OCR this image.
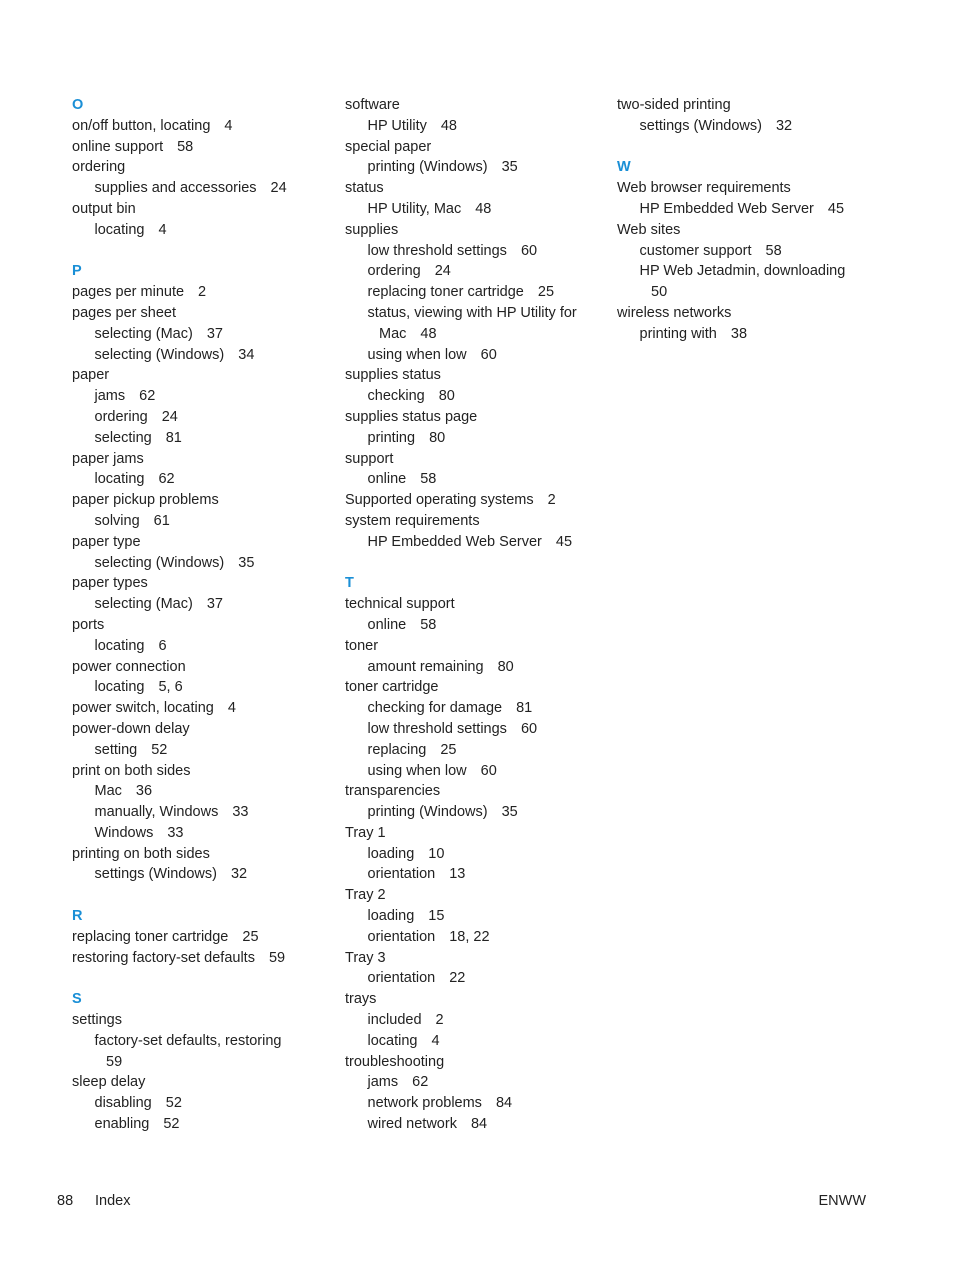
O
on/off button, locating 4
online support 58
ordering
supplies and accessories 24
output bin
locating 4
P
pages per minute 2
pages per sheet
selecting (Mac) 37
selecting (Windows) 34
paper
jams 62
ordering 24
selecting 81
paper jams
locating 62
paper pickup problems
solving 61
paper type
selecting (Windows) 35
paper types
selecting (Mac) 37
ports
locating 6
power connection
locating 5, 6
power switch, locating 4
power-down delay
setting 52
print on both sides
Mac 36
manually, Windows 33
Windows 33
printing on both sides
settings (Windows) 32
R
replacing toner cartridge 25
restoring factory-set defaults 59
S
settings
factory-set defaults, restoring
59
sleep delay
disabling 52
enabling 52
software
HP Utility 48
special paper
printing (Windows) 35
status
HP Utility, Mac 48
supplies
low threshold settings 60
ordering 24
replacing toner cartridge 25
status, viewing with HP Utility for
Mac 48
using when low 60
supplies status
checking 80
supplies status page
printing 80
support
online 58
Supported operating systems 2
system requirements
HP Embedded Web Server 45
T
technical support
online 58
toner
amount remaining 80
toner cartridge
checking for damage 81
low threshold settings 60
replacing 25
using when low 60
transparencies
printing (Windows) 35
Tray 1
loading 10
orientation 13
Tray 2
loading 15
orientation 18, 22
Tray 3
orientation 22
trays
included 2
locating 4
troubleshooting
jams 62
network problems 84
wired network 84
two-sided printing
settings (Windows) 32
W
Web browser requirements
HP Embedded Web Server 45
Web sites
customer support 58
HP Web Jetadmin, downloading
50
wireless networks
printing with 38
88 Index	ENWW
